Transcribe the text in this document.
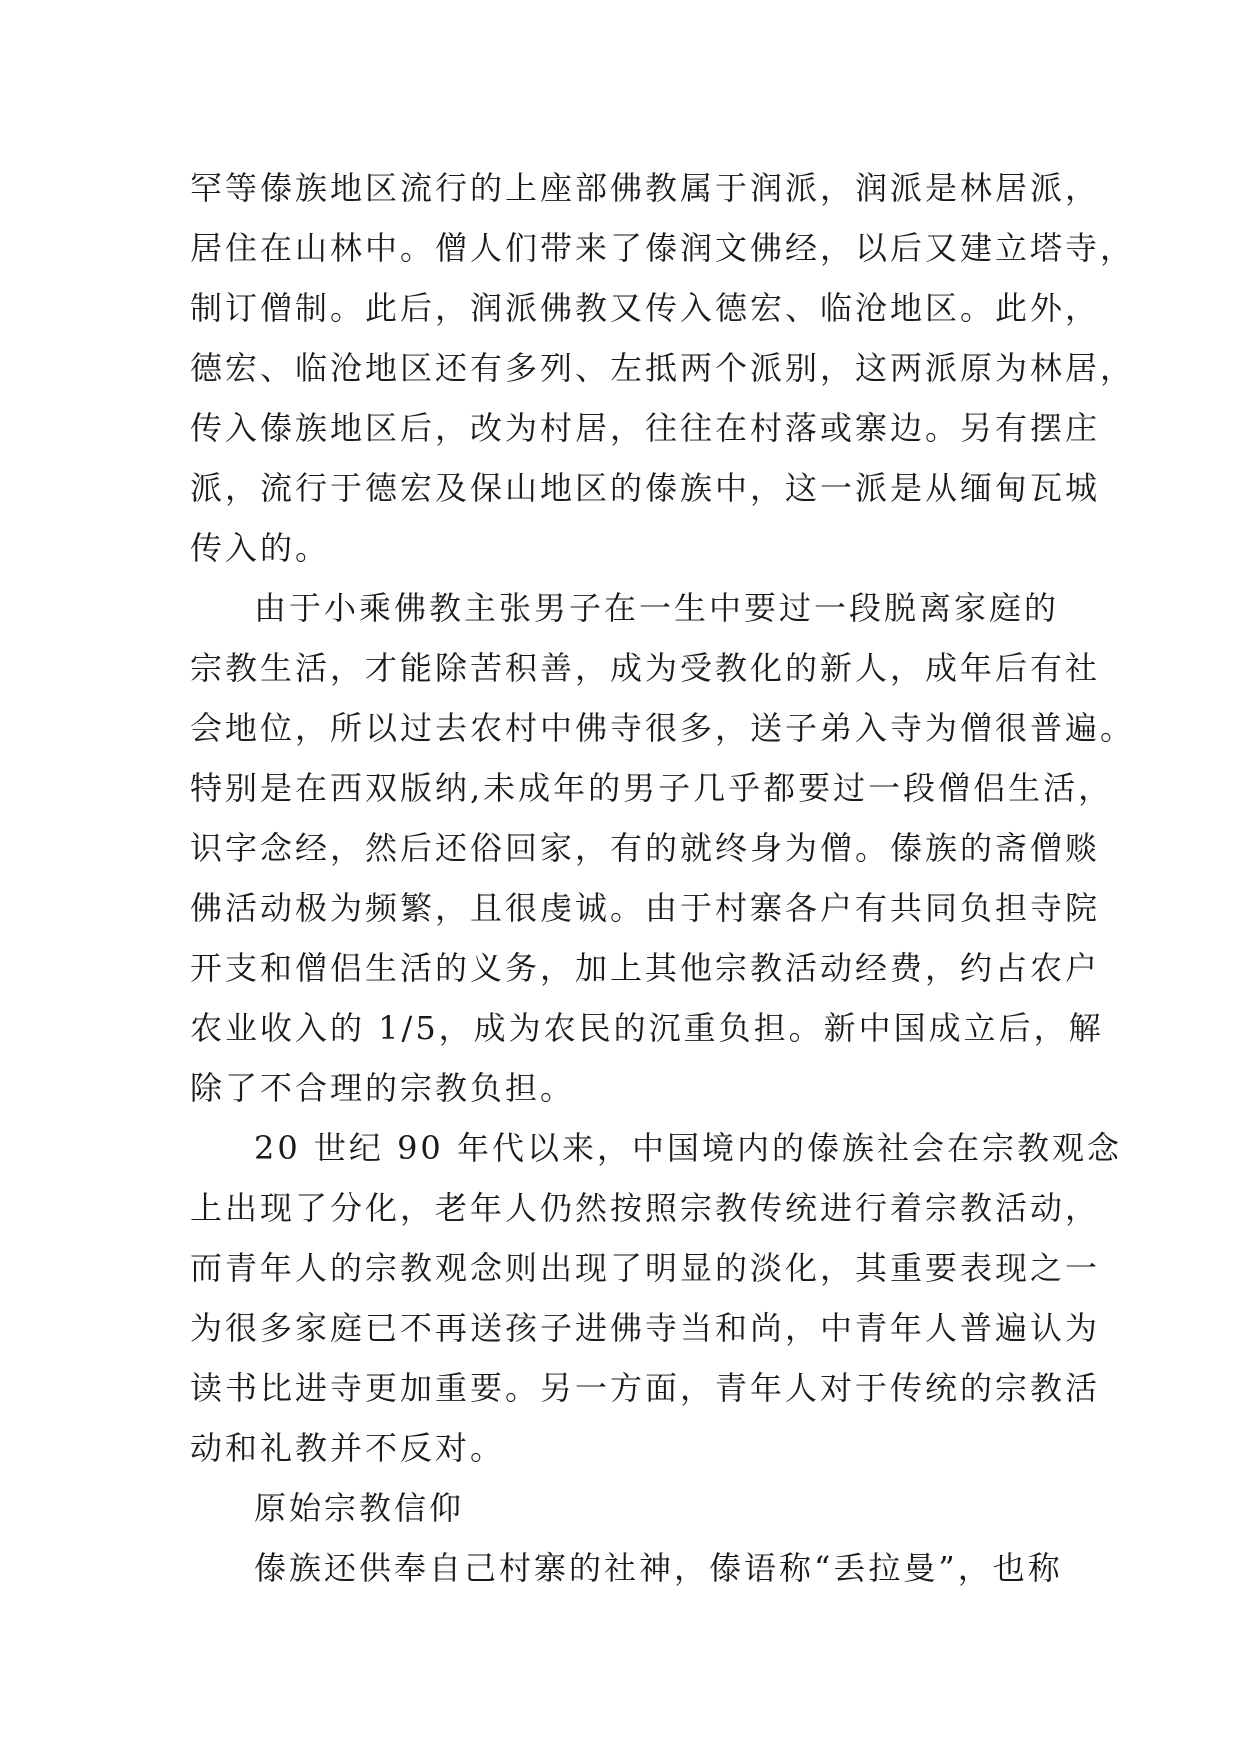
罕等傣族地区流行的上座部佛教属于润派，润派是林居派，
居住在山林中。僧人们带来了傣润文佛经，以后又建立塔寺，
制订僧制。此后，润派佛教又传入德宏、临沧地区。此外，
德宏、临沧地区还有多列、左抵两个派别，这两派原为林居，
传入傣族地区后，改为村居，往往在村落或寨边。另有摆庄
派，流行于德宏及保山地区的傣族中，这一派是从缅甸瓦城
传入的。
由于小乘佛教主张男子在一生中要过一段脱离家庭的
宗教生活，才能除苦积善，成为受教化的新人，成年后有社
会地位，所以过去农村中佛寺很多，送子弟入寺为僧很普遍。
特别是在西双版纳,未成年的男子几乎都要过一段僧侣生活，
识字念经，然后还俗回家，有的就终身为僧。傣族的斋僧赕
佛活动极为频繁，且很虔诚。由于村寨各户有共同负担寺院
开支和僧侣生活的义务，加上其他宗教活动经费，约占农户
农业收入的 1/5，成为农民的沉重负担。新中国成立后，解
除了不合理的宗教负担。
20 世纪 90 年代以来，中国境内的傣族社会在宗教观念
上出现了分化，老年人仍然按照宗教传统进行着宗教活动，
而青年人的宗教观念则出现了明显的淡化，其重要表现之一
为很多家庭已不再送孩子进佛寺当和尚，中青年人普遍认为
读书比进寺更加重要。另一方面，青年人对于传统的宗教活
动和礼教并不反对。
原始宗教信仰
傣族还供奉自己村寨的社神，傣语称“丢拉曼”，也称
